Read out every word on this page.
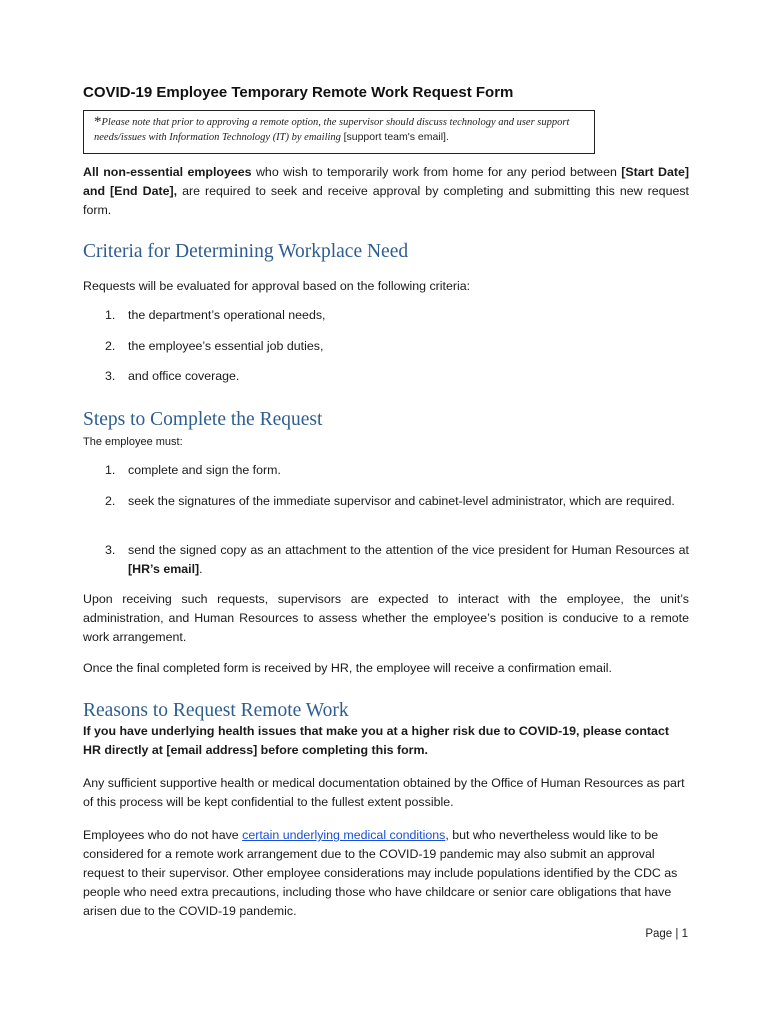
COVID-19 Employee Temporary Remote Work Request Form
*Please note that prior to approving a remote option, the supervisor should discuss technology and user support needs/issues with Information Technology (IT) by emailing [support team's email].

All non-essential employees who wish to temporarily work from home for any period between [Start Date] and [End Date], are required to seek and receive approval by completing and submitting this new request form.

Criteria for Determining Workplace Need

Requests will be evaluated for approval based on the following criteria:

1. the department’s operational needs,
2. the employee’s essential job duties,
3. and office coverage.
Steps to Complete the Request

The employee must:

1. complete and sign the form.
2. seek the signatures of the immediate supervisor and cabinet-level administrator, which are required.
3. send the signed copy as an attachment to the attention of the vice president for Human Resources at [HR’s email].

Upon receiving such requests, supervisors are expected to interact with the employee, the unit’s administration, and Human Resources to assess whether the employee’s position is conducive to a remote work arrangement.

Once the final completed form is received by HR, the employee will receive a confirmation email.

Reasons to Request Remote Work

If you have underlying health issues that make you at a higher risk due to COVID-19, please contact HR directly at [email address] before completing this form.

Any sufficient supportive health or medical documentation obtained by the Office of Human Resources as part of this process will be kept confidential to the fullest extent possible.

Employees who do not have certain underlying medical conditions, but who nevertheless would like to be considered for a remote work arrangement due to the COVID-19 pandemic may also submit an approval request to their supervisor. Other employee considerations may include populations identified by the CDC as people who need extra precautions, including those who have childcare or senior care obligations that have arisen due to the COVID-19 pandemic.

Page | 1
